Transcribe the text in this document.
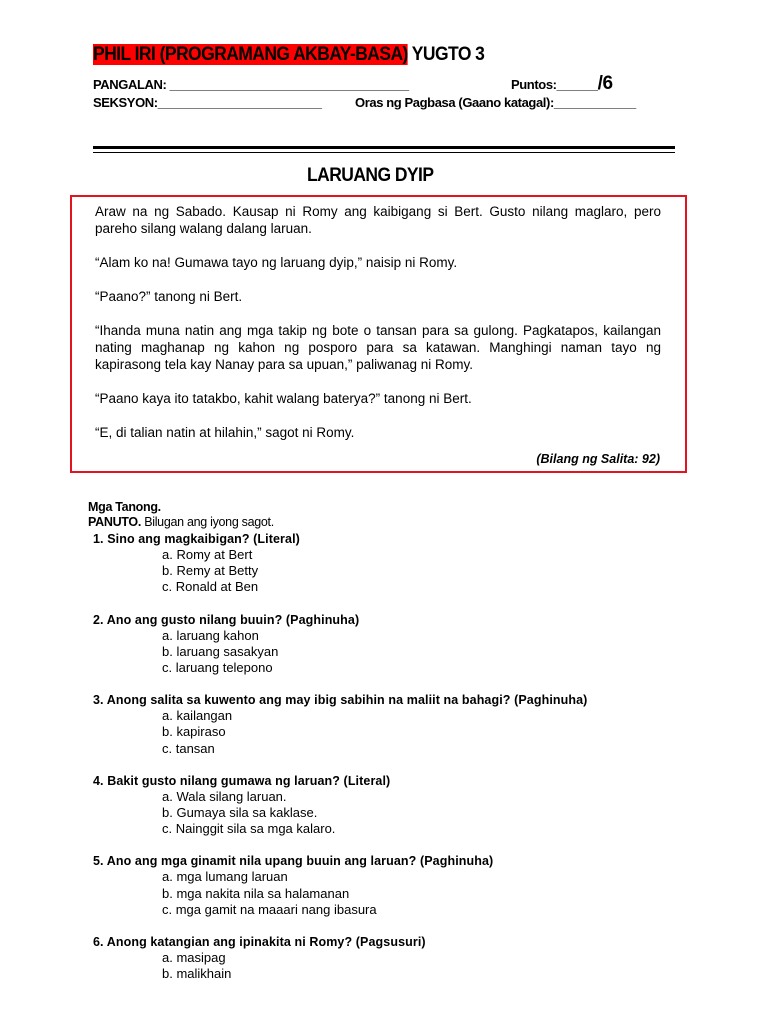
PHIL IRI (PROGRAMANG AKBAY-BASA) YUGTO 3
PANGALAN: ___________________________________	Puntos:______/6
SEKSYON:________________________	Oras ng Pagbasa (Gaano katagal):____________
LARUANG DYIP

Araw na ng Sabado. Kausap ni Romy ang kaibigang si Bert. Gusto nilang maglaro, pero pareho silang walang dalang laruan.

“Alam ko na! Gumawa tayo ng laruang dyip,” naisip ni Romy.

“Paano?” tanong ni Bert.

“Ihanda muna natin ang mga takip ng bote o tansan para sa gulong. Pagkatapos, kailangan nating maghanap ng kahon ng posporo para sa katawan. Manghingi naman tayo ng kapirasong tela kay Nanay para sa upuan,” paliwanag ni Romy.

“Paano kaya ito tatakbo, kahit walang baterya?” tanong ni Bert.

“E, di talian natin at hilahin,” sagot ni Romy.

(Bilang ng Salita: 92)
Mga Tanong.
PANUTO. Bilugan ang iyong sagot.
1. Sino ang magkaibigan? (Literal)
a. Romy at Bert
b. Remy at Betty
c. Ronald at Ben
2. Ano ang gusto nilang buuin? (Paghinuha)
a. laruang kahon
b. laruang sasakyan
c. laruang telepono
3. Anong salita sa kuwento ang may ibig sabihin na maliit na bahagi? (Paghinuha)
a. kailangan
b. kapiraso
c. tansan
4. Bakit gusto nilang gumawa ng laruan? (Literal)
a. Wala silang laruan.
b. Gumaya sila sa kaklase.
c. Nainggit sila sa mga kalaro.
5. Ano ang mga ginamit nila upang buuin ang laruan? (Paghinuha)
a. mga lumang laruan
b. mga nakita nila sa halamanan
c. mga gamit na maaari nang ibasura
6. Anong katangian ang ipinakita ni Romy? (Pagsusuri)
a. masipag
b. malikhain
